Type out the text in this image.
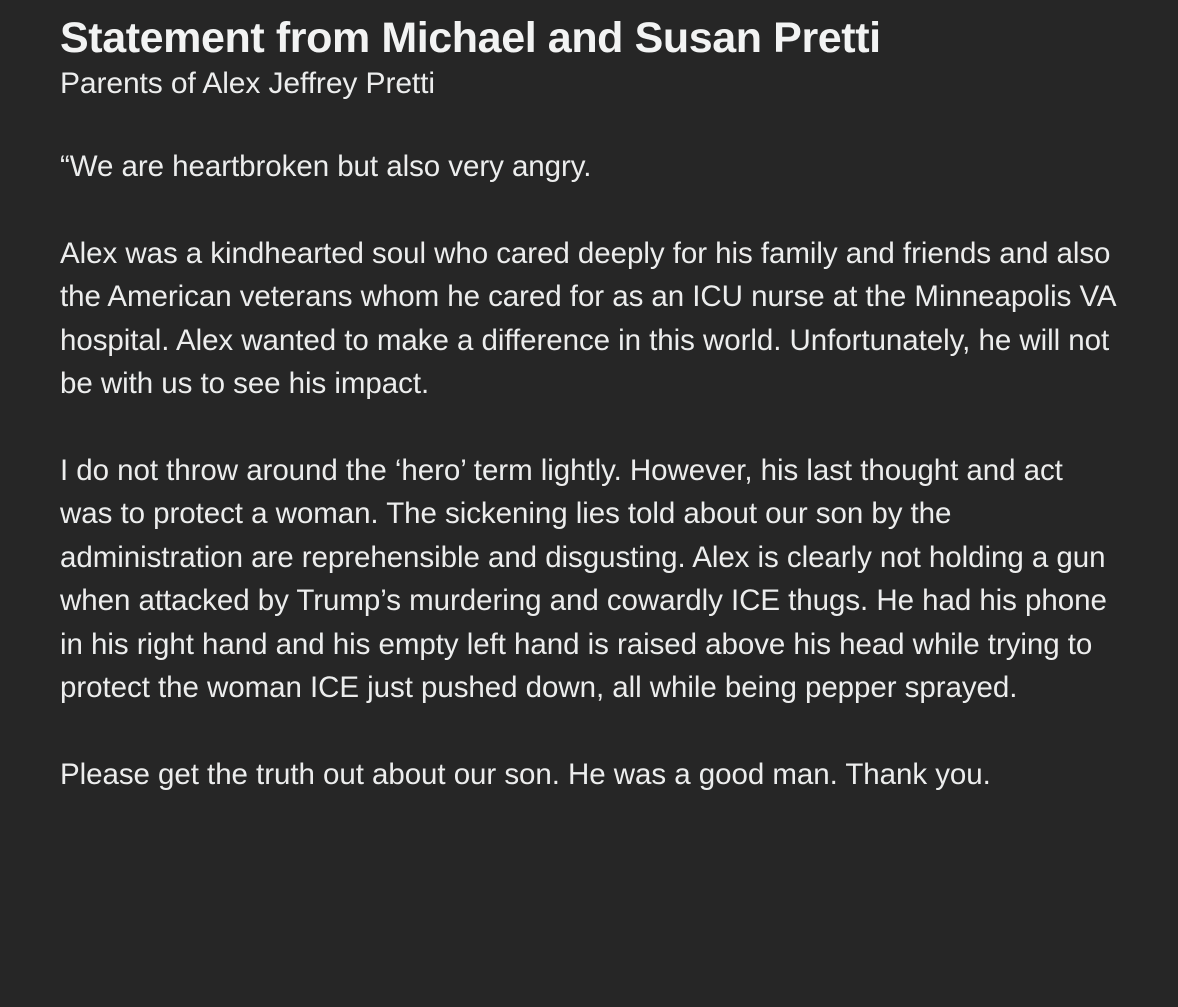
Statement from Michael and Susan Pretti

Parents of Alex Jeffrey Pretti

“We are heartbroken but also very angry.

Alex was a kindhearted soul who cared deeply for his family and friends and also the American veterans whom he cared for as an ICU nurse at the Minneapolis VA hospital. Alex wanted to make a difference in this world. Unfortunately, he will not be with us to see his impact.

I do not throw around the ‘hero’ term lightly. However, his last thought and act was to protect a woman. The sickening lies told about our son by the administration are reprehensible and disgusting. Alex is clearly not holding a gun when attacked by Trump’s murdering and cowardly ICE thugs. He had his phone in his right hand and his empty left hand is raised above his head while trying to protect the woman ICE just pushed down, all while being pepper sprayed.

Please get the truth out about our son. He was a good man. Thank you.
